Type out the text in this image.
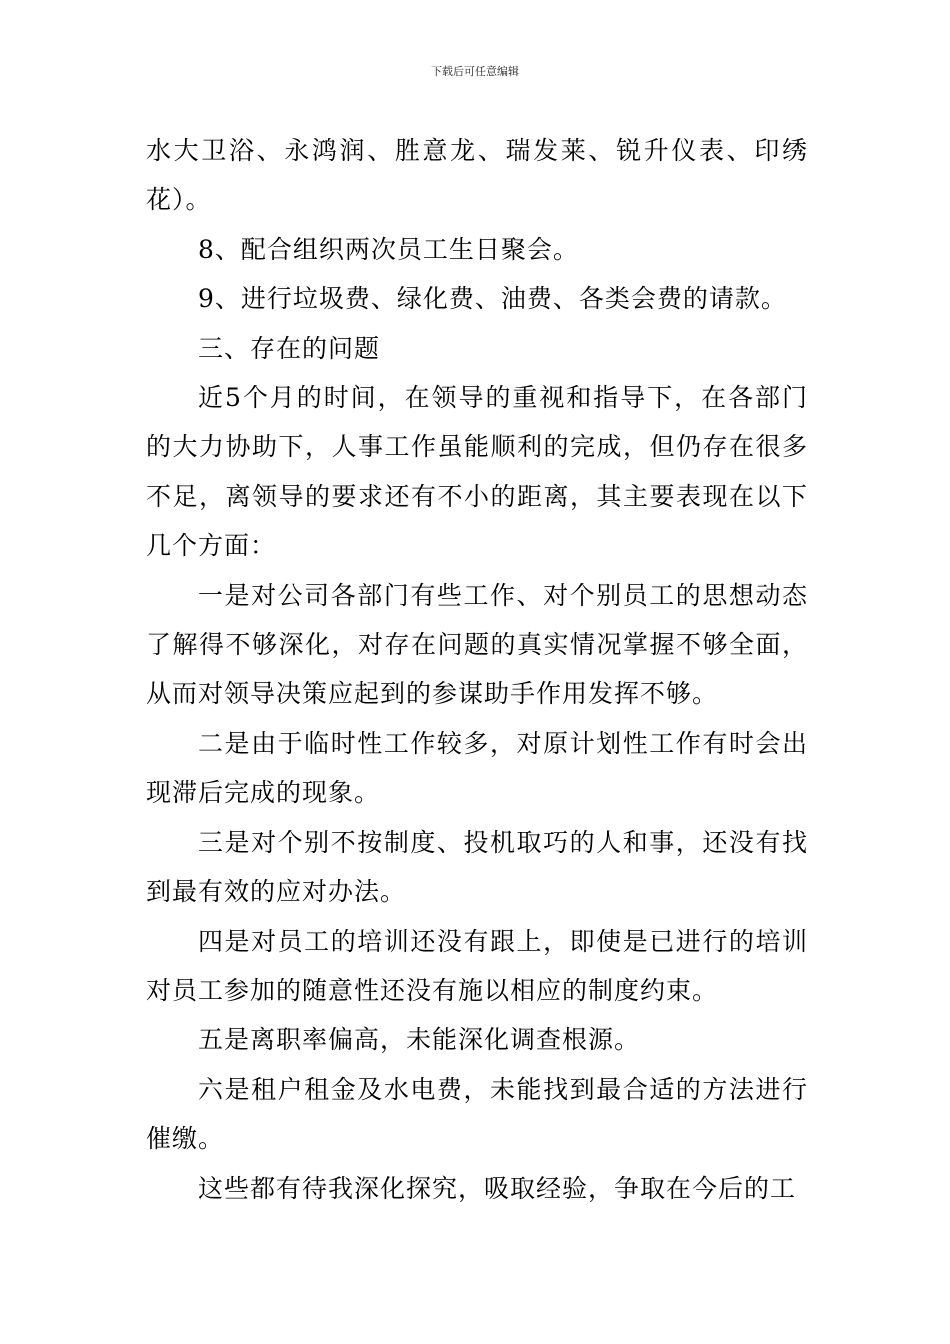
下载后可任意编辑

水大卫浴、永鸿润、胜意龙、瑞发莱、锐升仪表、印绣花）。

8、配合组织两次员工生日聚会。

9、进行垃圾费、绿化费、油费、各类会费的请款。

三、存在的问题

近5个月的时间，在领导的重视和指导下，在各部门的大力协助下，人事工作虽能顺利的完成，但仍存在很多不足，离领导的要求还有不小的距离，其主要表现在以下几个方面：

一是对公司各部门有些工作、对个别员工的思想动态了解得不够深化，对存在问题的真实情况掌握不够全面，从而对领导决策应起到的参谋助手作用发挥不够。

二是由于临时性工作较多，对原计划性工作有时会出现滞后完成的现象。

三是对个别不按制度、投机取巧的人和事，还没有找到最有效的应对办法。

四是对员工的培训还没有跟上，即使是已进行的培训对员工参加的随意性还没有施以相应的制度约束。

五是离职率偏高，未能深化调查根源。

六是租户租金及水电费，未能找到最合适的方法进行催缴。

这些都有待我深化探究，吸取经验，争取在今后的工
